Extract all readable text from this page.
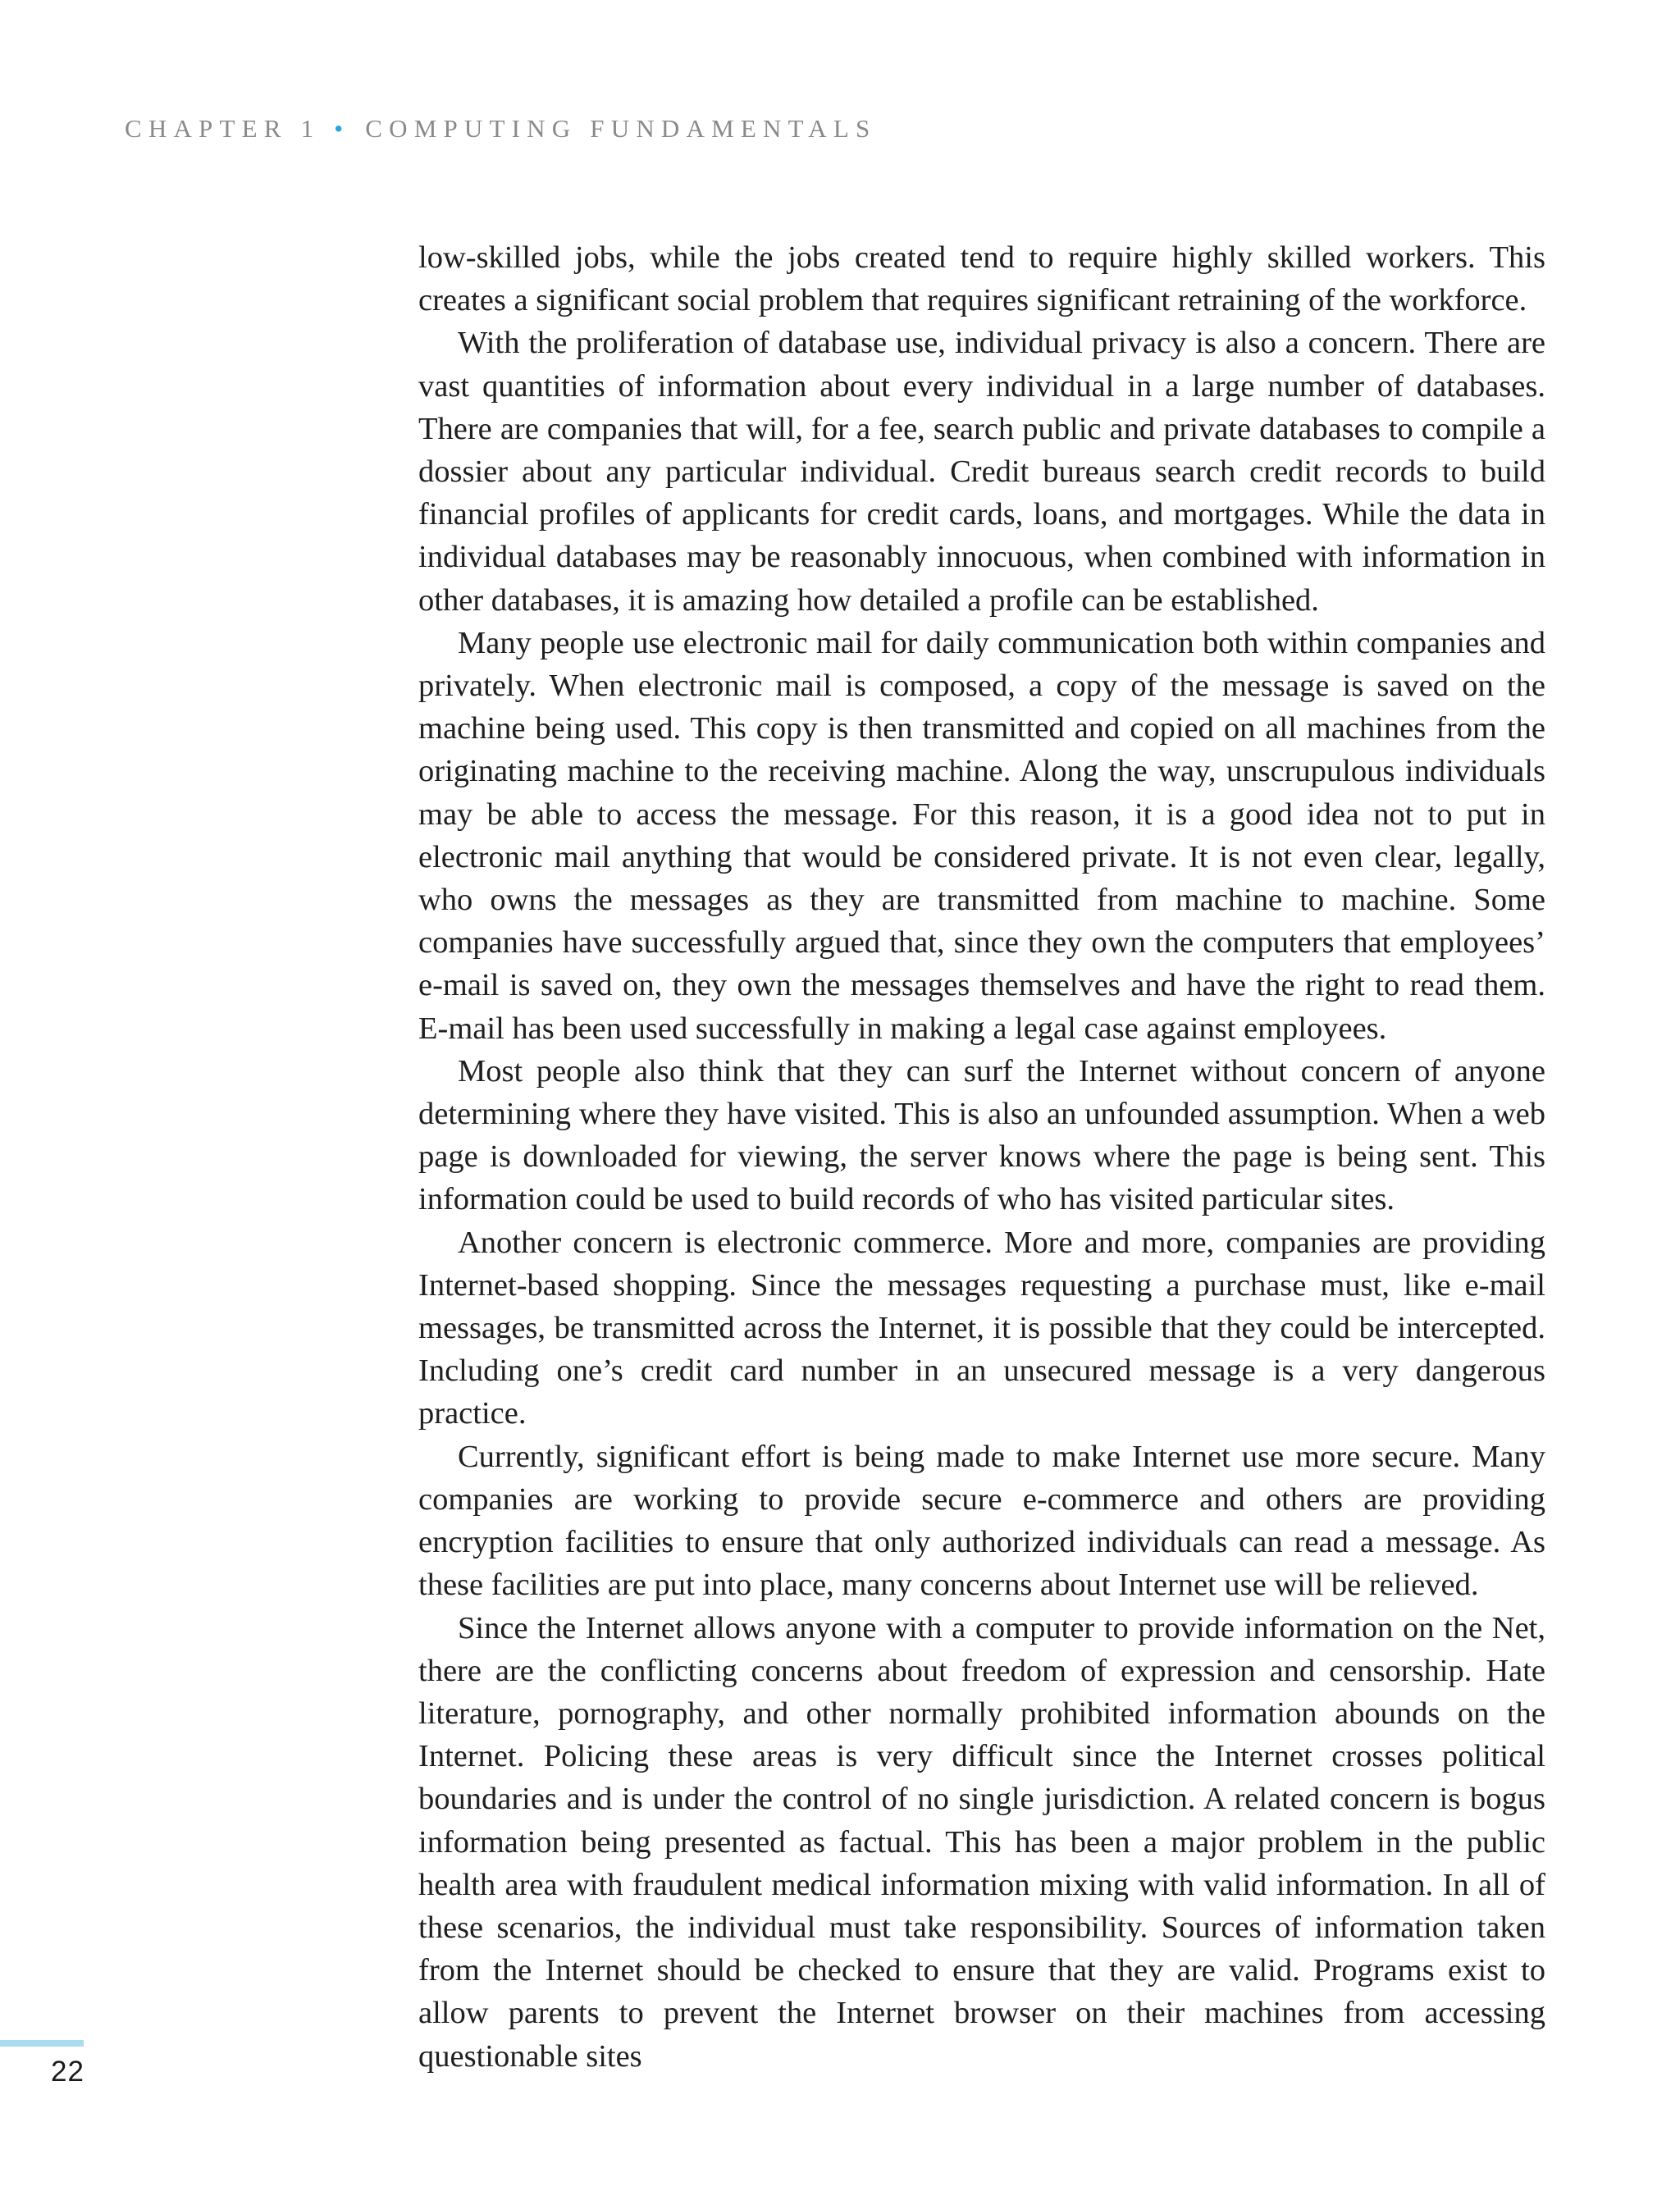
CHAPTER 1 • COMPUTING FUNDAMENTALS

low-skilled jobs, while the jobs created tend to require highly skilled workers. This creates a significant social problem that requires significant retraining of the workforce.

With the proliferation of database use, individual privacy is also a concern. There are vast quantities of information about every individual in a large number of databases. There are companies that will, for a fee, search public and private databases to compile a dossier about any particular individual. Credit bureaus search credit records to build financial profiles of applicants for credit cards, loans, and mortgages. While the data in individual databases may be reasonably innocuous, when combined with information in other databases, it is amazing how detailed a profile can be established.

Many people use electronic mail for daily communication both within companies and privately. When electronic mail is composed, a copy of the message is saved on the machine being used. This copy is then transmitted and copied on all machines from the originating machine to the receiving machine. Along the way, unscrupulous individuals may be able to access the message. For this reason, it is a good idea not to put in electronic mail anything that would be considered private. It is not even clear, legally, who owns the messages as they are transmitted from machine to machine. Some companies have successfully argued that, since they own the computers that employees’ e-mail is saved on, they own the messages themselves and have the right to read them. E-mail has been used successfully in making a legal case against employees.

Most people also think that they can surf the Internet without concern of anyone determining where they have visited. This is also an unfounded assumption. When a web page is downloaded for viewing, the server knows where the page is being sent. This information could be used to build records of who has visited particular sites.

Another concern is electronic commerce. More and more, companies are providing Internet-based shopping. Since the messages requesting a purchase must, like e-mail messages, be transmitted across the Internet, it is possible that they could be intercepted. Including one’s credit card number in an unsecured message is a very dangerous practice.

Currently, significant effort is being made to make Internet use more secure. Many companies are working to provide secure e-commerce and others are providing encryption facilities to ensure that only authorized individuals can read a message. As these facilities are put into place, many concerns about Internet use will be relieved.

Since the Internet allows anyone with a computer to provide information on the Net, there are the conflicting concerns about freedom of expression and censorship. Hate literature, pornography, and other normally prohibited information abounds on the Internet. Policing these areas is very difficult since the Internet crosses political boundaries and is under the control of no single jurisdiction. A related concern is bogus information being presented as factual. This has been a major problem in the public health area with fraudulent medical information mixing with valid information. In all of these scenarios, the individual must take responsibility. Sources of information taken from the Internet should be checked to ensure that they are valid. Programs exist to allow parents to prevent the Internet browser on their machines from accessing questionable sites

22
